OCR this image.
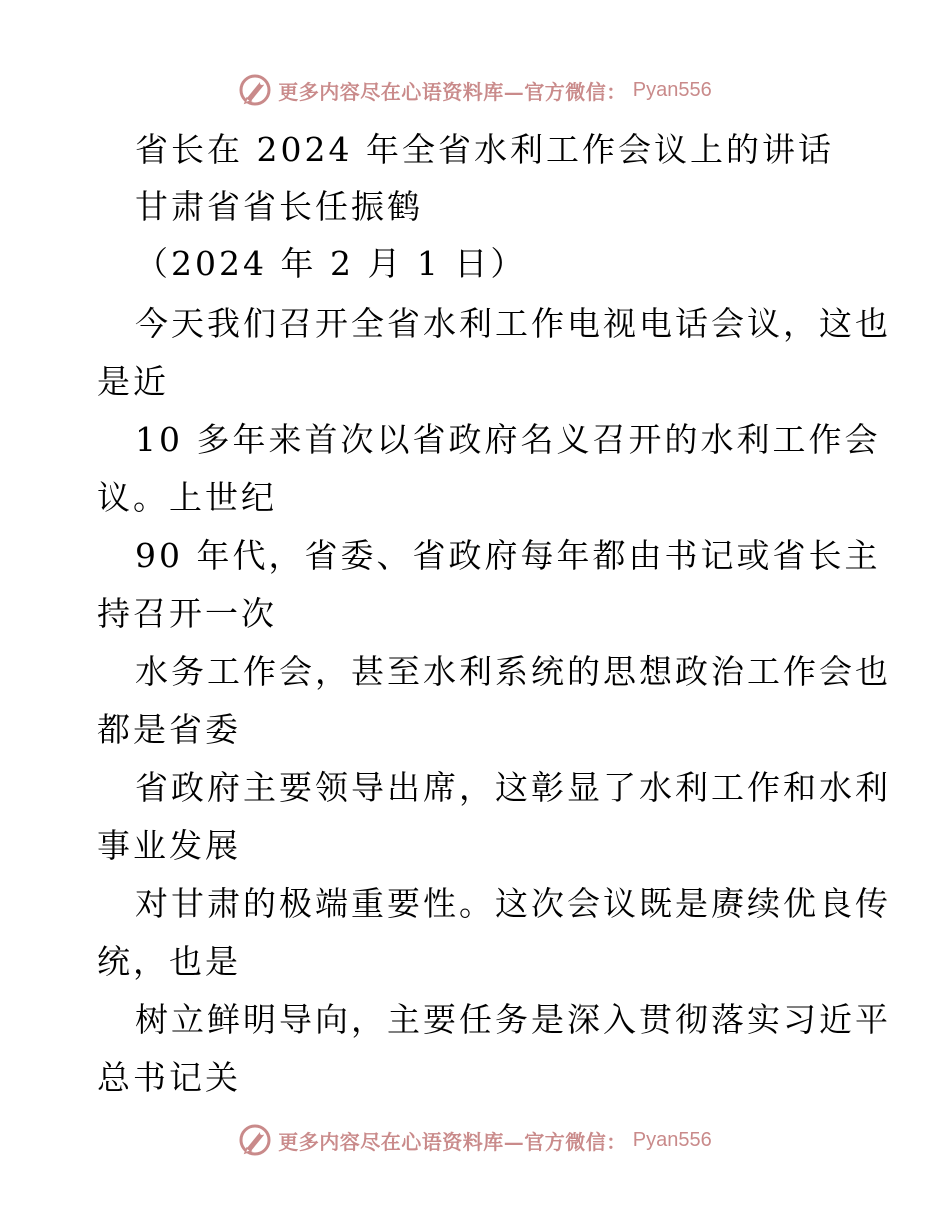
更多内容尽在心语资料库—官方微信： Pyan556
省长在 2024 年全省水利工作会议上的讲话
甘肃省省长任振鹤
（2024 年 2 月 1 日）
今天我们召开全省水利工作电视电话会议，这也
是近
10 多年来首次以省政府名义召开的水利工作会
议。上世纪
90 年代，省委、省政府每年都由书记或省长主
持召开一次
水务工作会，甚至水利系统的思想政治工作会也
都是省委
省政府主要领导出席，这彰显了水利工作和水利
事业发展
对甘肃的极端重要性。这次会议既是赓续优良传
统，也是
树立鲜明导向，主要任务是深入贯彻落实习近平
总书记关
更多内容尽在心语资料库—官方微信： Pyan556
